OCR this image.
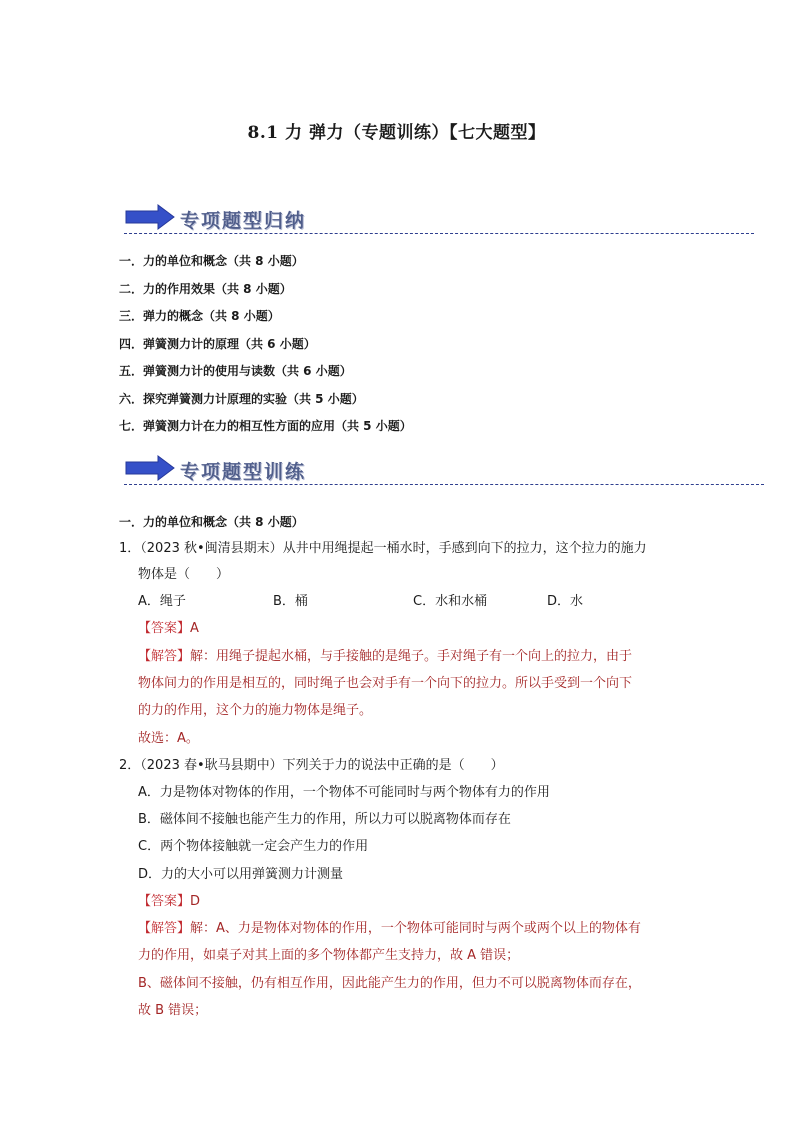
8.1 力 弹力（专题训练）【七大题型】
专项题型归纳
一．力的单位和概念（共 8 小题）
二．力的作用效果（共 8 小题）
三．弹力的概念（共 8 小题）
四．弹簧测力计的原理（共 6 小题）
五．弹簧测力计的使用与读数（共 6 小题）
六．探究弹簧测力计原理的实验（共 5 小题）
七．弹簧测力计在力的相互性方面的应用（共 5 小题）
专项题型训练
一．力的单位和概念（共 8 小题）
1．（2023 秋•闽清县期末）从井中用绳提起一桶水时，手感到向下的拉力，这个拉力的施力
物体是（　　）
A．绳子	B．桶	C．水和水桶	D．水
【答案】A
【解答】解：用绳子提起水桶，与手接触的是绳子。手对绳子有一个向上的拉力，由于
物体间力的作用是相互的，同时绳子也会对手有一个向下的拉力。所以手受到一个向下
的力的作用，这个力的施力物体是绳子。
故选：A。
2．（2023 春•耿马县期中）下列关于力的说法中正确的是（　　）
A．力是物体对物体的作用，一个物体不可能同时与两个物体有力的作用
B．磁体间不接触也能产生力的作用，所以力可以脱离物体而存在
C．两个物体接触就一定会产生力的作用
D．力的大小可以用弹簧测力计测量
【答案】D
【解答】解：A、力是物体对物体的作用，一个物体可能同时与两个或两个以上的物体有
力的作用，如桌子对其上面的多个物体都产生支持力，故 A 错误；
B、磁体间不接触，仍有相互作用，因此能产生力的作用，但力不可以脱离物体而存在，
故 B 错误；
